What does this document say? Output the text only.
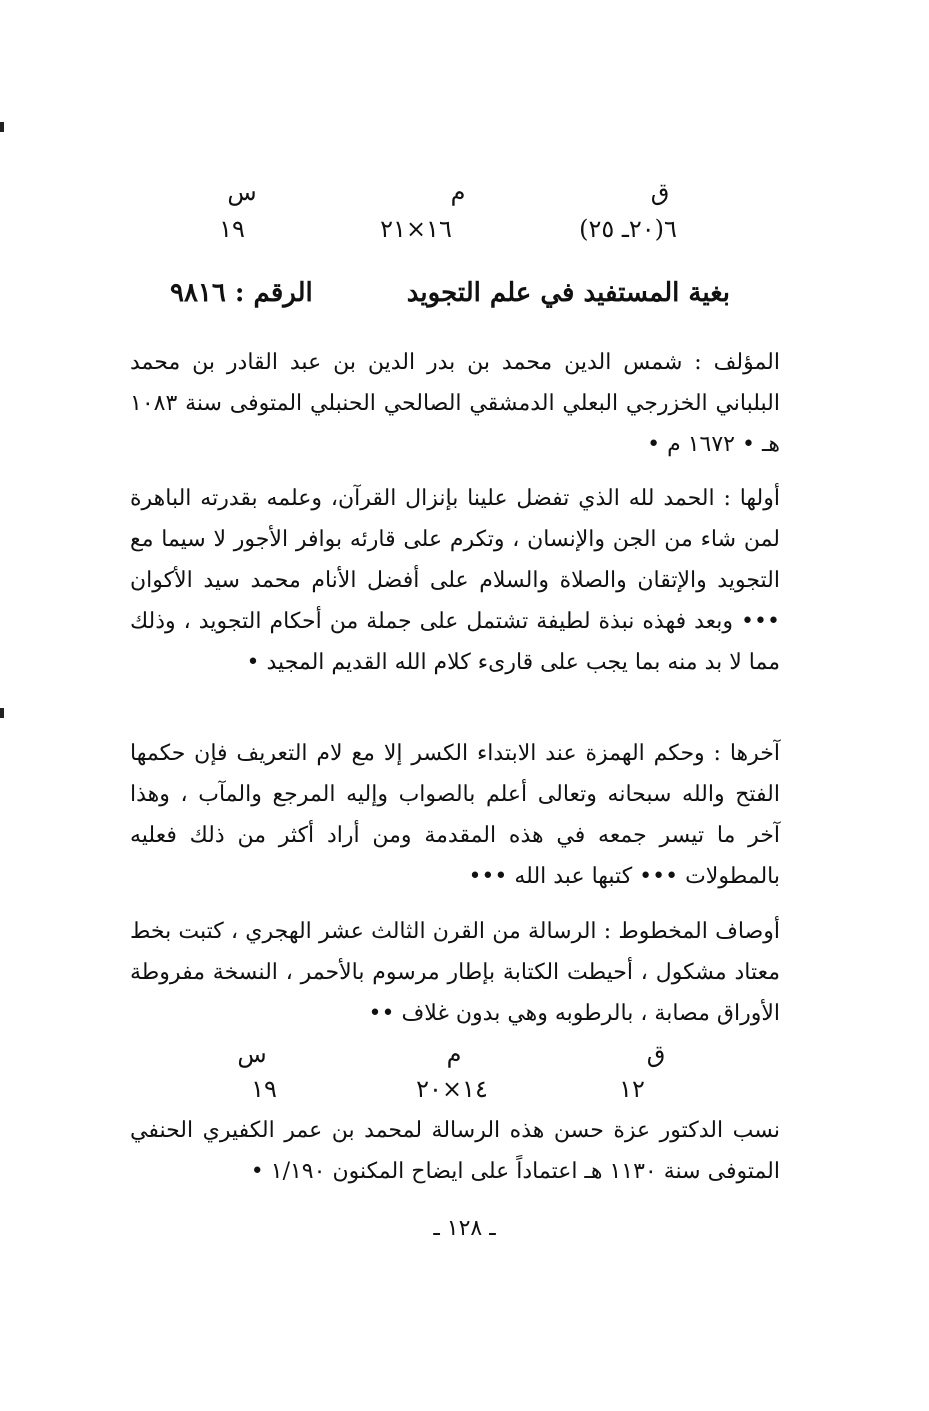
ق
م
س
٦(٢٠ـ ٢٥)
١٦×٢١
١٩
بغية المستفيد في علم التجويد
الرقم : ٩٨١٦

المؤلف : شمس الدين محمد بن بدر الدين بن عبد القادر بن محمد البلباني الخزرجي البعلي الدمشقي الصالحي الحنبلي المتوفى سنة ١٠٨٣ هـ • ١٦٧٢ م •

أولها : الحمد لله الذي تفضل علينا بإنزال القرآن، وعلمه بقدرته الباهرة لمن شاء من الجن والإنسان ، وتكرم على قارئه بوافر الأجور لا سيما مع التجويد والإتقان والصلاة والسلام على أفضل الأنام محمد سيد الأكوان ••• وبعد فهذه نبذة لطيفة تشتمل على جملة من أحكام التجويد ، وذلك مما لا بد منه بما يجب على قارىء كلام الله القديم المجيد •

آخرها : وحكم الهمزة عند الابتداء الكسر إلا مع لام التعريف فإن حكمها الفتح والله سبحانه وتعالى أعلم بالصواب وإليه المرجع والمآب ، وهذا آخر ما تيسر جمعه في هذه المقدمة ومن أراد أكثر من ذلك فعليه بالمطولات ••• كتبها عبد الله •••

أوصاف المخطوط : الرسالة من القرن الثالث عشر الهجري ، كتبت بخط معتاد مشكول ، أحيطت الكتابة بإطار مرسوم بالأحمر ، النسخة مفروطة الأوراق مصابة ، بالرطوبه وهي بدون غلاف ••

ق
م
س
١٢
١٤×٢٠
١٩

نسب الدكتور عزة حسن هذه الرسالة لمحمد بن عمر الكفيري الحنفي المتوفى سنة ١١٣٠ هـ اعتماداً على ايضاح المكنون ١/١٩٠ •

ـ ١٢٨ ـ
